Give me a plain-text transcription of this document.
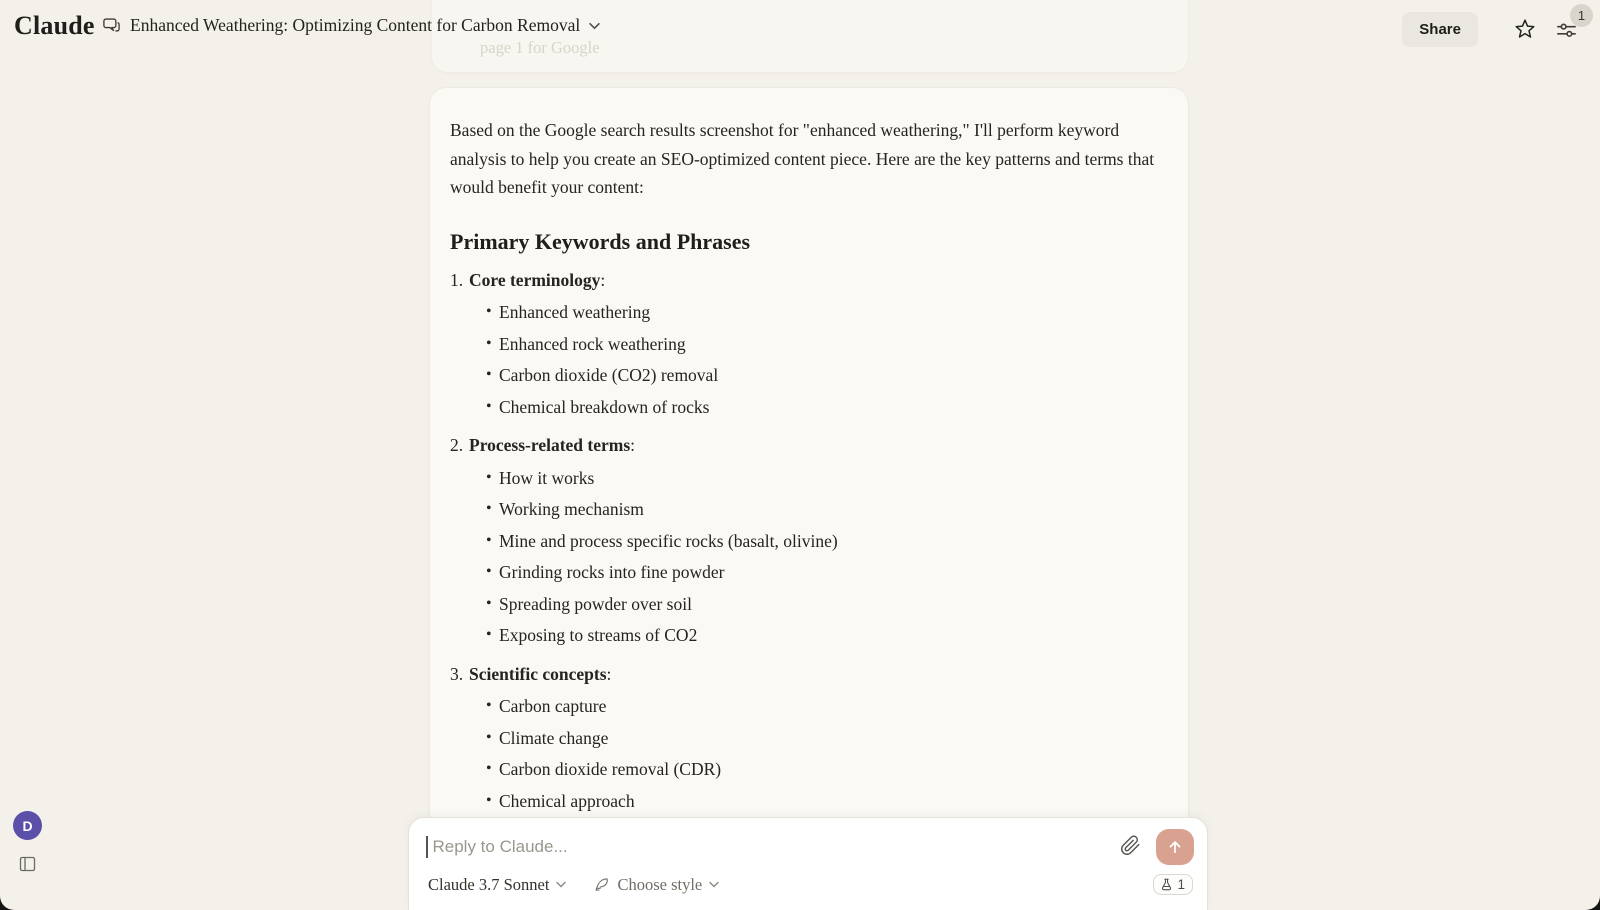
Claude Enhanced Weathering: Optimizing Content for Carbon Removal	Share
1
page 1 for Google

Based on the Google search results screenshot for "enhanced weathering," I'll perform keyword analysis to help you create an SEO-optimized content piece. Here are the key patterns and terms that would benefit your content:

Primary Keywords and Phrases
1. Core terminology:
• Enhanced weathering
• Enhanced rock weathering
• Carbon dioxide (CO2) removal
• Chemical breakdown of rocks
2. Process-related terms:
• How it works
• Working mechanism
• Mine and process specific rocks (basalt, olivine)
• Grinding rocks into fine powder
• Spreading powder over soil
• Exposing to streams of CO2
3. Scientific concepts:
• Carbon capture
• Climate change
• Carbon dioxide removal (CDR)
• Chemical approach
Reply to Claude...
Claude 3.7 Sonnet	Choose style	1
D
